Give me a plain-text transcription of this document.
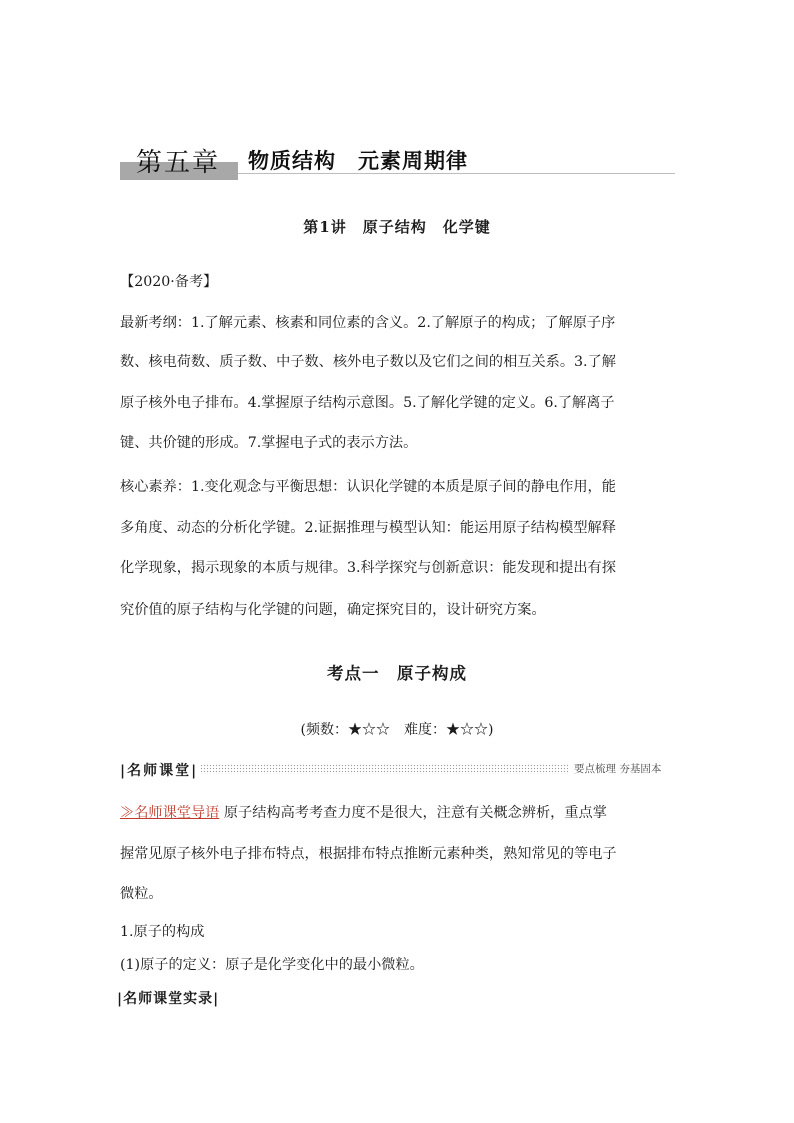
第五章 物质结构　元素周期律
第1讲　原子结构　化学键
【2020·备考】
最新考纲：1.了解元素、核素和同位素的含义。2.了解原子的构成；了解原子序
数、核电荷数、质子数、中子数、核外电子数以及它们之间的相互关系。3.了解
原子核外电子排布。4.掌握原子结构示意图。5.了解化学键的定义。6.了解离子
键、共价键的形成。7.掌握电子式的表示方法。
核心素养：1.变化观念与平衡思想：认识化学键的本质是原子间的静电作用，能
多角度、动态的分析化学键。2.证据推理与模型认知：能运用原子结构模型解释
化学现象，揭示现象的本质与规律。3.科学探究与创新意识：能发现和提出有探
究价值的原子结构与化学键的问题，确定探究目的，设计研究方案。
考点一　原子构成
(频数：★☆☆　难度：★☆☆)
|名师课堂|	要点梳理 夯基固本
≫名师课堂导语 原子结构高考考查力度不是很大，注意有关概念辨析，重点掌
握常见原子核外电子排布特点，根据排布特点推断元素种类，熟知常见的等电子
微粒。
1.原子的构成
(1)原子的定义：原子是化学变化中的最小微粒。
|名师课堂实录|
